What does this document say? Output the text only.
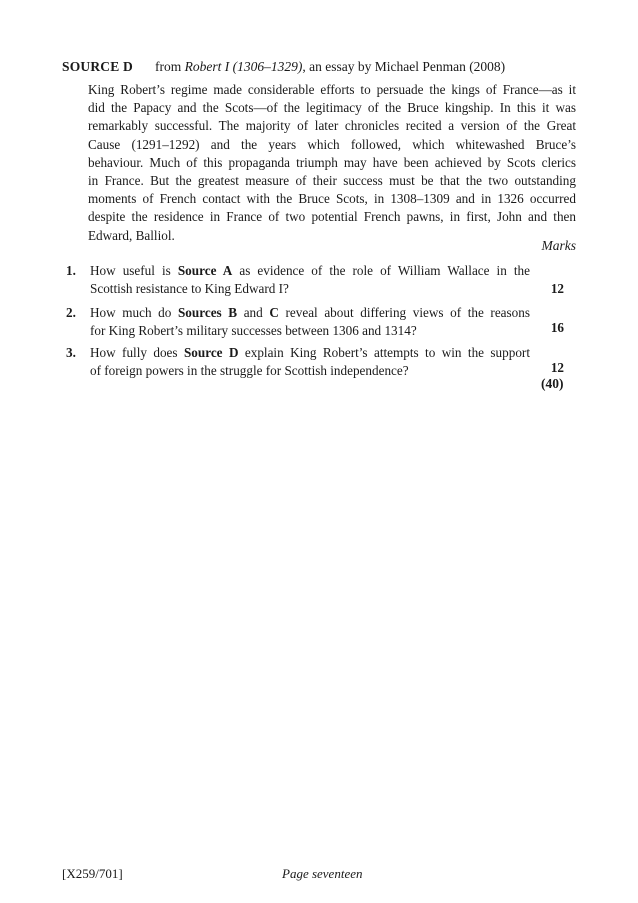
SOURCE D from Robert I (1306–1329), an essay by Michael Penman (2008)
King Robert’s regime made considerable efforts to persuade the kings of France—as it
did the Papacy and the Scots—of the legitimacy of the Bruce kingship. In this it was
remarkably successful. The majority of later chronicles recited a version of the Great
Cause (1291–1292) and the years which followed, which whitewashed Bruce’s
behaviour. Much of this propaganda triumph may have been achieved by Scots clerics
in France. But the greatest measure of their success must be that the two outstanding
moments of French contact with the Bruce Scots, in 1308–1309 and in 1326 occurred
despite the residence in France of two potential French pawns, in first, John and then
Edward, Balliol.
Marks
1.	How useful is Source A as evidence of the role of William Wallace in the
Scottish resistance to King Edward I?	12
2.	How much do Sources B and C reveal about differing views of the reasons
for King Robert’s military successes between 1306 and 1314?	16
3.	How fully does Source D explain King Robert’s attempts to win the support
of foreign powers in the struggle for Scottish independence?	12
(40)
[X259/701]	Page seventeen
